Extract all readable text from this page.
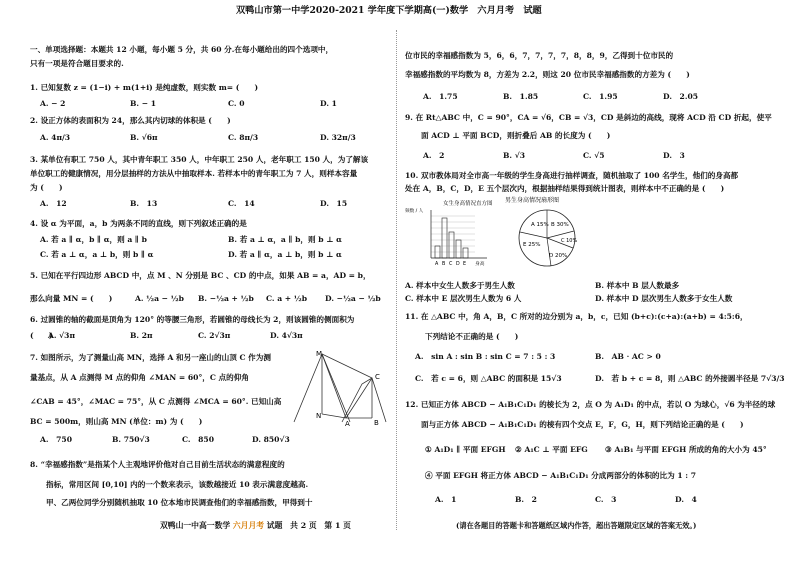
双鸭山市第一中学2020-2021 学年度下学期高(一)数学　六月月考　试题
一、单项选择题：本题共 12 小题，每小题 5 分，共 60 分.在每小题给出的四个选项中，
只有一项是符合题目要求的.
1. 已知复数 z = (1−i) + m(1+i) 是纯虚数，则实数 m= (　　)
A. − 2	B. − 1	C. 0	D. 1
2. 设正方体的表面积为 24，那么其内切球的体积是 (　　)
A. 4π/3	B. √6π	C. 8π/3	D. 32π/3
3. 某单位有职工 750 人，其中青年职工 350 人，中年职工 250 人，老年职工 150 人，为了解该
单位职工的健康情况，用分层抽样的方法从中抽取样本. 若样本中的青年职工为 7 人，则样本容量
为 (　　)
A.　12	B.　13	C.　14	D.　15
4. 设 α 为平面，a，b 为两条不同的直线，则下列叙述正确的是
A. 若 a ∥ α，b ∥ α，则 a ∥ b	B. 若 a ⊥ α，a ∥ b，则 b ⊥ α
C. 若 a ⊥ α，a ⊥ b，则 b ∥ α	D. 若 a ∥ α，a ⊥ b，则 b ⊥ α
5. 已知在平行四边形 ABCD 中，点 M 、N 分别是 BC 、CD 的中点，如果 AB = a，AD = b，
那么向量 MN = (　　)	A. ½a − ½b B. −½a + ½b C. a + ½b D. −½a − ½b
6. 过圆锥的轴的截面是顶角为 120° 的等腰三角形，若圆锥的母线长为 2，则该圆锥的侧面积为
(　　)
A. √3π	B. 2π	C. 2√3π	D. 4√3π
7. 如图所示，为了测量山高 MN，选择 A 和另一座山的山顶 C 作为测
量基点，从 A 点测得 M 点的仰角 ∠MAN = 60°，C 点的仰角
∠CAB = 45°，∠MAC = 75°，从 C 点测得 ∠MCA = 60°. 已知山高
BC = 500m，则山高 MN (单位：m) 为 (　　)
A.　750	B. 750√3	C.　850	D. 850√3
M
C
A
N
B
8. “幸福感指数”是指某个人主观地评价他对自己目前生活状态的满意程度的
指标，常用区间 [0,10] 内的一个数来表示，该数越接近 10 表示满意度越高.
甲、乙两位同学分别随机抽取 10 位本地市民调查他们的幸福感指数，甲得到十
位市民的幸福感指数为 5，6，6，7，7，7，7，8，8，9，乙得到十位市民的
幸福感指数的平均数为 8，方差为 2.2，则这 20 位市民幸福感指数的方差为 (　　)
A.　1.75	B.　1.85	C.　1.95	D.　2.05
9. 在 Rt△ABC 中，C = 90°，CA = √6，CB = √3，CD 是斜边的高线，现将 ACD 沿 CD 折起，使平
面 ACD ⊥ 平面 BCD，则折叠后 AB 的长度为 (　　)
A.　2	B. √3	C. √5	D.　3
10. 双市教体局对全市高一年级的学生身高进行抽样调查，随机抽取了 100 名学生，他们的身高都
处在 A，B，C，D，E 五个层次内，根据抽样结果得到统计图表，则样本中不正确的是 (　　)
女生身高情况直方图
频数 / 人
A B C D E 身高
男生身高情况扇形图
B 30%
C 10%
D 20%
A 15%
E 25%
A. 样本中女生人数多于男生人数	B. 样本中 B 层人数最多
C. 样本中 E 层次男生人数为 6 人	D. 样本中 D 层次男生人数多于女生人数
11. 在 △ABC 中，角 A，B，C 所对的边分别为 a，b，c，已知 (b+c):(c+a):(a+b) = 4:5:6，
下列结论不正确的是 (　　)
A.　sin A : sin B : sin C = 7 : 5 : 3	B.　AB · AC > 0
C.　若 c = 6，则 △ABC 的面积是 15√3	D.　若 b + c = 8，则 △ABC 的外接圆半径是 7√3/3
12. 已知正方体 ABCD − A₁B₁C₁D₁ 的棱长为 2，点 O 为 A₁D₁ 的中点，若以 O 为球心，√6 为半径的球
面与正方体 ABCD − A₁B₁C₁D₁ 的棱有四个交点 E，F，G，H，则下列结论正确的是 (　　)
① A₁D₁ ∥ 平面 EFGH ② A₁C ⊥ 平面 EFG ③ A₁B₁ 与平面 EFGH 所成的角的大小为 45°
④ 平面 EFGH 将正方体 ABCD − A₁B₁C₁D₁ 分成两部分的体积的比为 1 : 7
A.　1	B.　2	C.　3	D.　4
双鸭山一中高一数学 六月月考 试题　共 2 页　第 1 页	(请在各题目的答题卡和答题纸区域内作答，超出答题限定区域的答案无效。)
